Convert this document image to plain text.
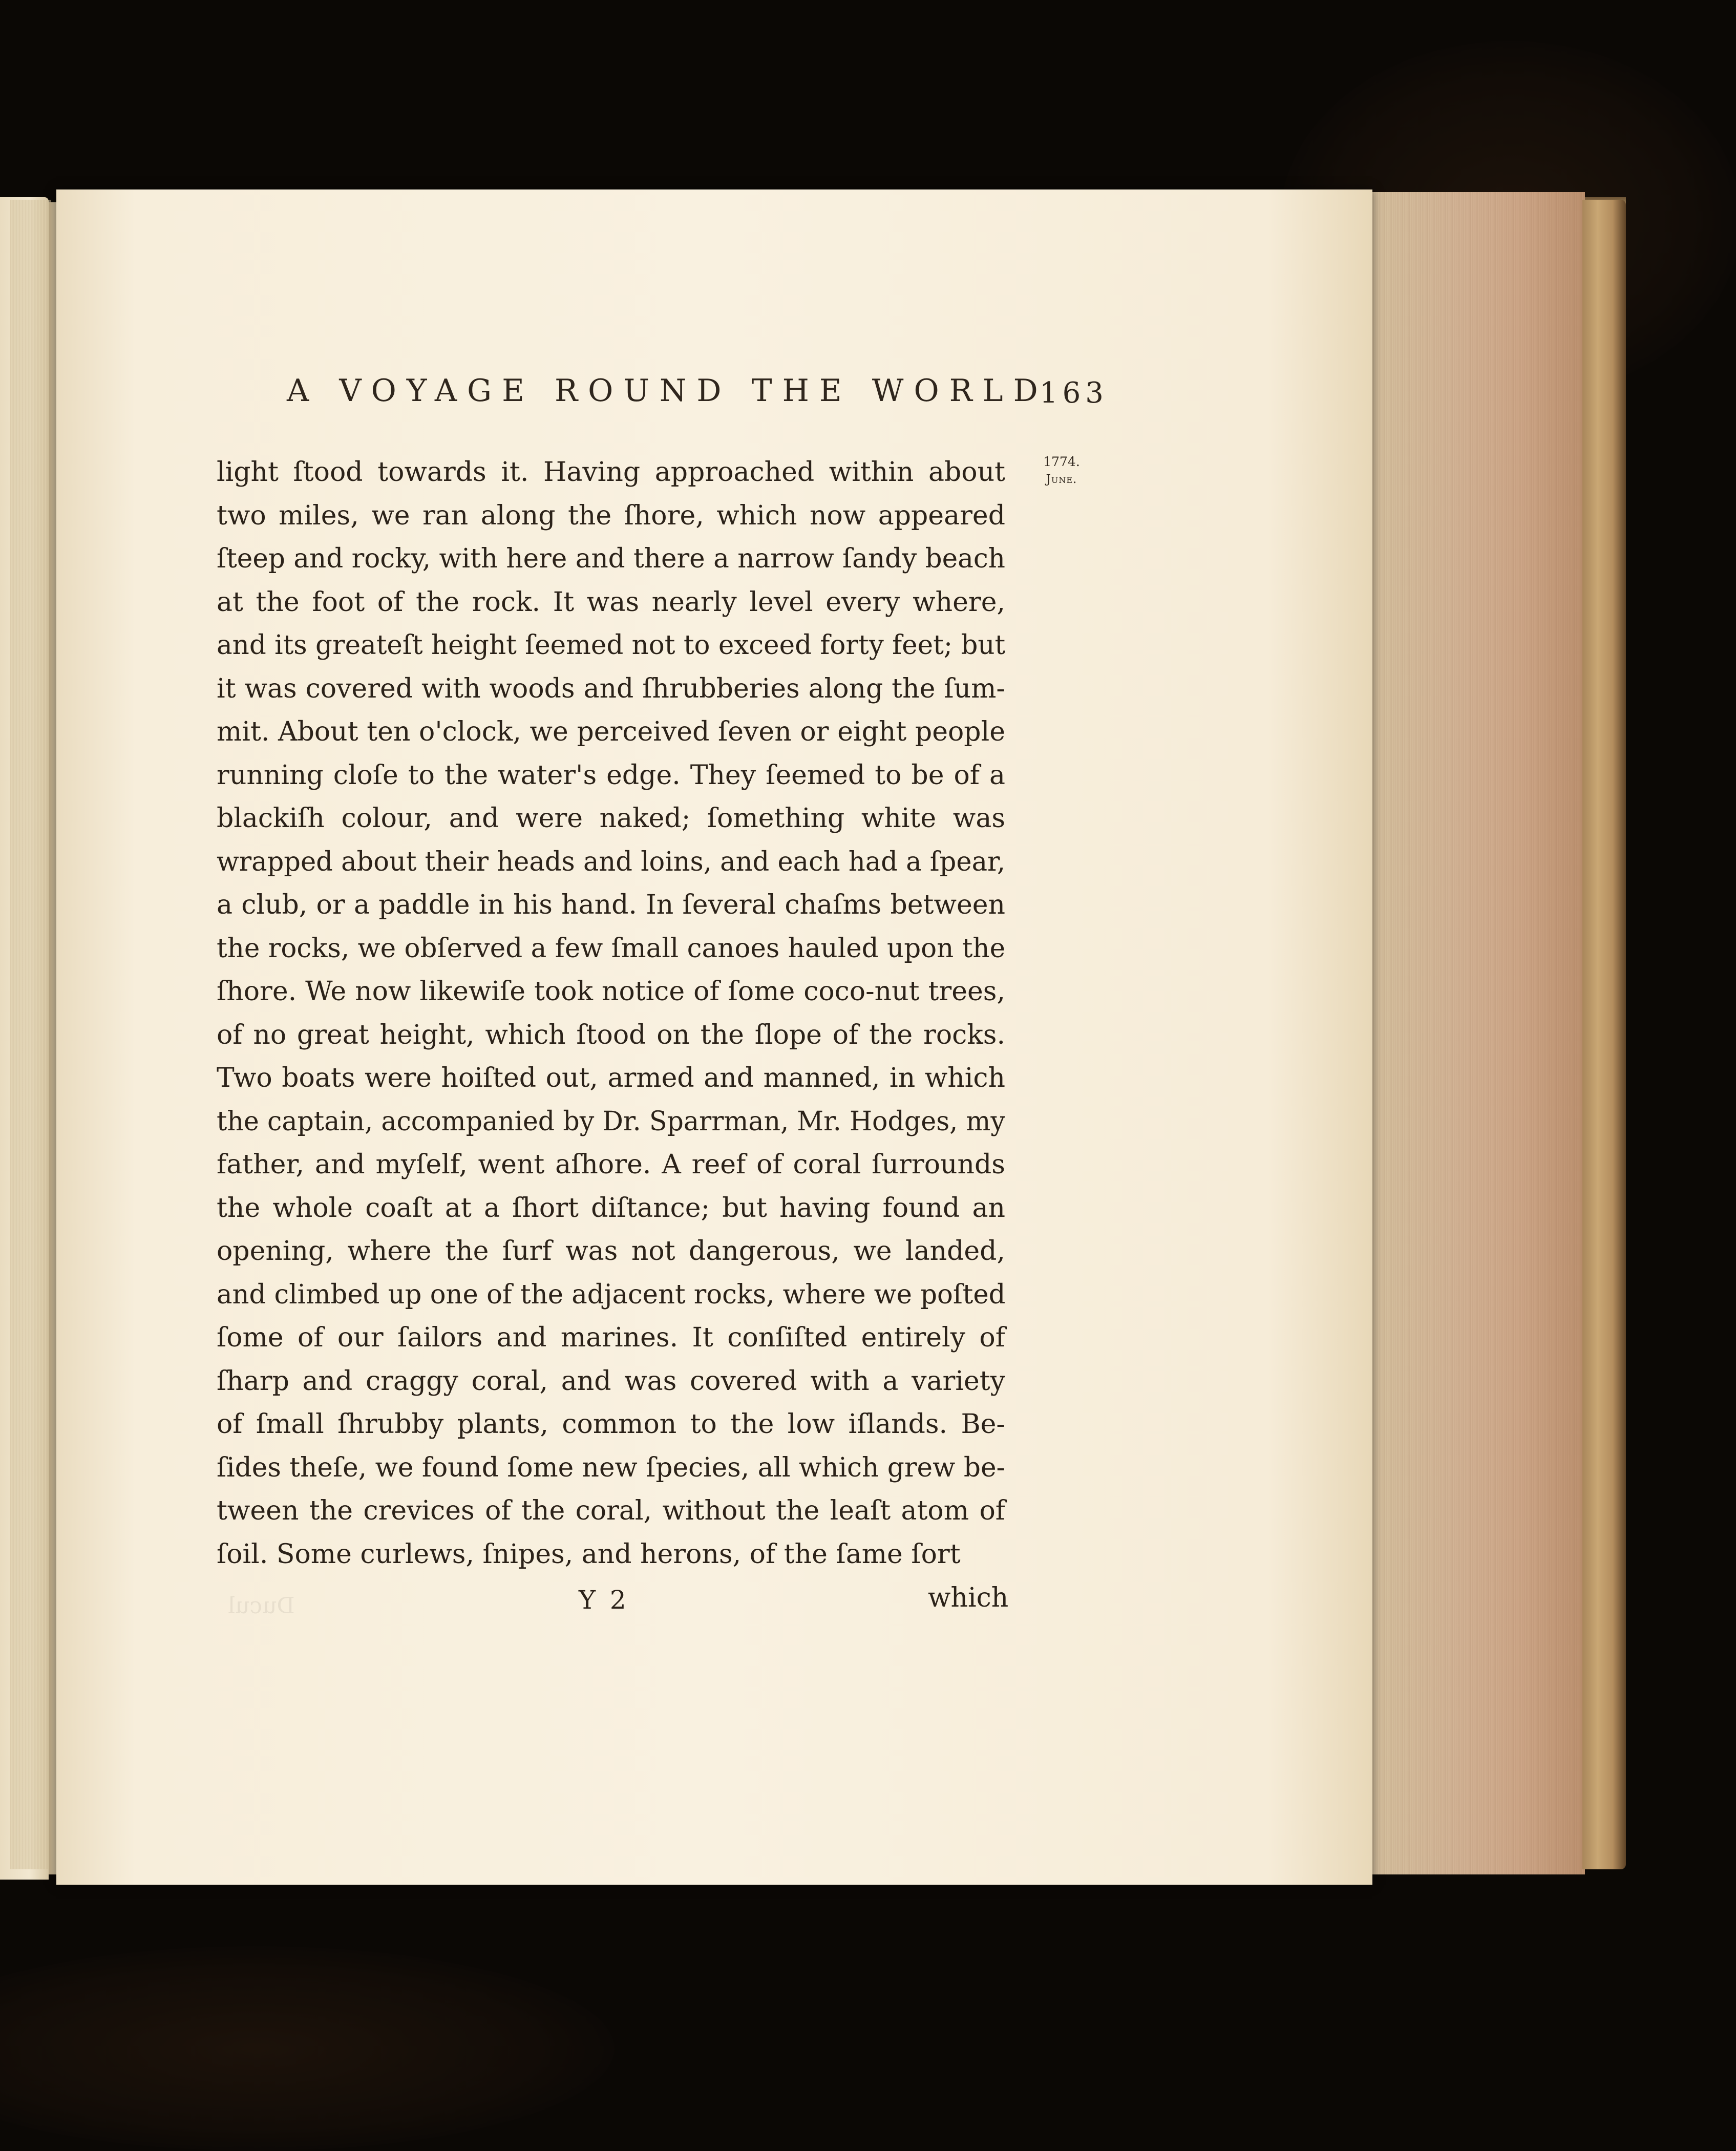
A VOYAGE ROUND THE WORLD
163
1774.
June.
light ſtood towards it. Having approached within about
two miles, we ran along the ſhore, which now appeared
ſteep and rocky, with here and there a narrow ſandy beach
at the foot of the rock. It was nearly level every where,
and its greateſt height ſeemed not to exceed forty feet; but
it was covered with woods and ſhrubberies along the ſum-
mit. About ten o'clock, we perceived ſeven or eight people
running cloſe to the water's edge. They ſeemed to be of a
blackiſh colour, and were naked; ſomething white was
wrapped about their heads and loins, and each had a ſpear,
a club, or a paddle in his hand. In ſeveral chaſms between
the rocks, we obſerved a few ſmall canoes hauled upon the
ſhore. We now likewiſe took notice of ſome coco-nut trees,
of no great height, which ſtood on the ſlope of the rocks.
Two boats were hoiſted out, armed and manned, in which
the captain, accompanied by Dr. Sparrman, Mr. Hodges, my
father, and myſelf, went aſhore. A reef of coral ſurrounds
the whole coaſt at a ſhort diſtance; but having found an
opening, where the ſurf was not dangerous, we landed,
and climbed up one of the adjacent rocks, where we poſted
ſome of our ſailors and marines. It conſiſted entirely of
ſharp and craggy coral, and was covered with a variety
of ſmall ſhrubby plants, common to the low iſlands. Be-
ſides theſe, we found ſome new ſpecies, all which grew be-
tween the crevices of the coral, without the leaſt atom of
ſoil. Some curlews, ſnipes, and herons, of the ſame ſort
Ducul	Y 2	which
